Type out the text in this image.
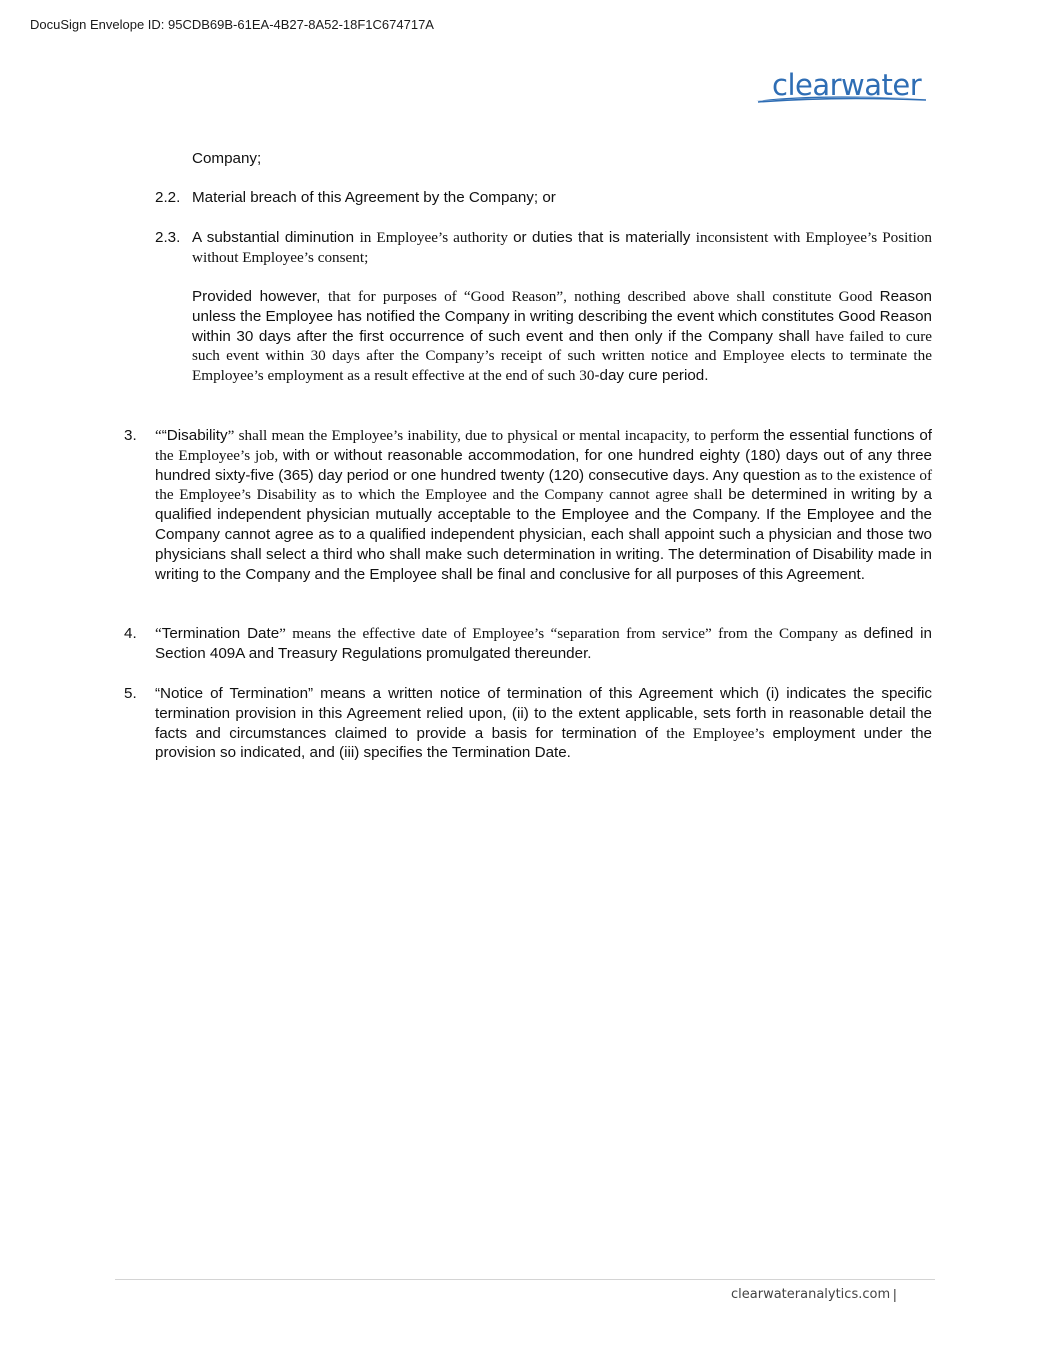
DocuSign Envelope ID: 95CDB69B-61EA-4B27-8A52-18F1C674717A
clearwater
Company;
2.2. Material breach of this Agreement by the Company; or
2.3. A substantial diminution in Employee’s authority or duties that is materially inconsistent with Employee’s Position without Employee’s consent;
Provided however, that for purposes of “Good Reason”, nothing described above shall constitute Good Reason unless the Employee has notified the Company in writing describing the event which constitutes Good Reason within 30 days after the first occurrence of such event and then only if the Company shall have failed to cure such event within 30 days after the Company’s receipt of such written notice and Employee elects to terminate the Employee’s employment as a result effective at the end of such 30-day cure period.
3. ““Disability” shall mean the Employee’s inability, due to physical or mental incapacity, to perform the essential functions of the Employee’s job, with or without reasonable accommodation, for one hundred eighty (180) days out of any three hundred sixty-five (365) day period or one hundred twenty (120) consecutive days. Any question as to the existence of the Employee’s Disability as to which the Employee and the Company cannot agree shall be determined in writing by a qualified independent physician mutually acceptable to the Employee and the Company. If the Employee and the Company cannot agree as to a qualified independent physician, each shall appoint such a physician and those two physicians shall select a third who shall make such determination in writing. The determination of Disability made in writing to the Company and the Employee shall be final and conclusive for all purposes of this Agreement.
4. “Termination Date” means the effective date of Employee’s “separation from service” from the Company as defined in Section 409A and Treasury Regulations promulgated thereunder.
5. “Notice of Termination” means a written notice of termination of this Agreement which (i) indicates the specific termination provision in this Agreement relied upon, (ii) to the extent applicable, sets forth in reasonable detail the facts and circumstances claimed to provide a basis for termination of the Employee’s employment under the provision so indicated, and (iii) specifies the Termination Date.
clearwateranalytics.com |
